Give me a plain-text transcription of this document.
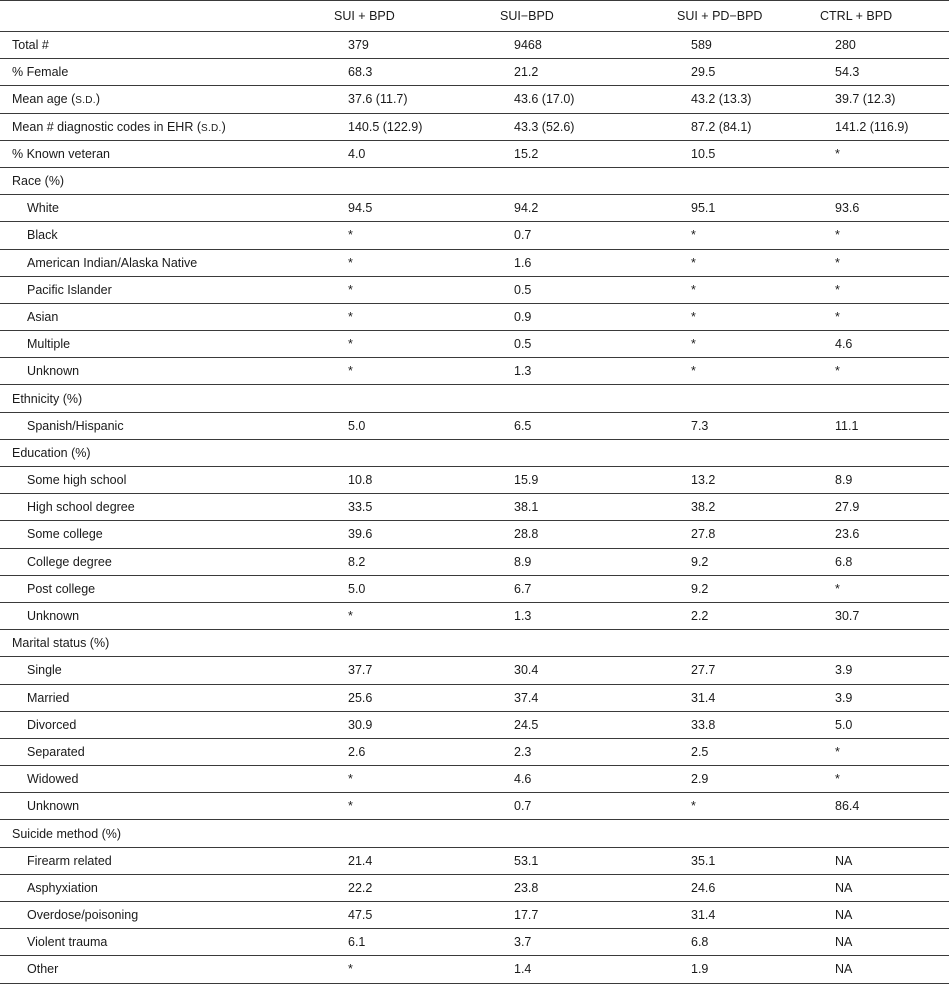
	SUI + BPD	SUI−BPD	SUI + PD−BPD	CTRL + BPD
Total #	379	9468	589	280
% Female	68.3	21.2	29.5	54.3
Mean age (S.D.)	37.6 (11.7)	43.6 (17.0)	43.2 (13.3)	39.7 (12.3)
Mean # diagnostic codes in EHR (S.D.)	140.5 (122.9)	43.3 (52.6)	87.2 (84.1)	141.2 (116.9)
% Known veteran	4.0	15.2	10.5	*
Race (%)				
White	94.5	94.2	95.1	93.6
Black	*	0.7	*	*
American Indian/Alaska Native	*	1.6	*	*
Pacific Islander	*	0.5	*	*
Asian	*	0.9	*	*
Multiple	*	0.5	*	4.6
Unknown	*	1.3	*	*
Ethnicity (%)				
Spanish/Hispanic	5.0	6.5	7.3	11.1
Education (%)				
Some high school	10.8	15.9	13.2	8.9
High school degree	33.5	38.1	38.2	27.9
Some college	39.6	28.8	27.8	23.6
College degree	8.2	8.9	9.2	6.8
Post college	5.0	6.7	9.2	*
Unknown	*	1.3	2.2	30.7
Marital status (%)				
Single	37.7	30.4	27.7	3.9
Married	25.6	37.4	31.4	3.9
Divorced	30.9	24.5	33.8	5.0
Separated	2.6	2.3	2.5	*
Widowed	*	4.6	2.9	*
Unknown	*	0.7	*	86.4
Suicide method (%)				
Firearm related	21.4	53.1	35.1	NA
Asphyxiation	22.2	23.8	24.6	NA
Overdose/poisoning	47.5	17.7	31.4	NA
Violent trauma	6.1	3.7	6.8	NA
Other	*	1.4	1.9	NA
